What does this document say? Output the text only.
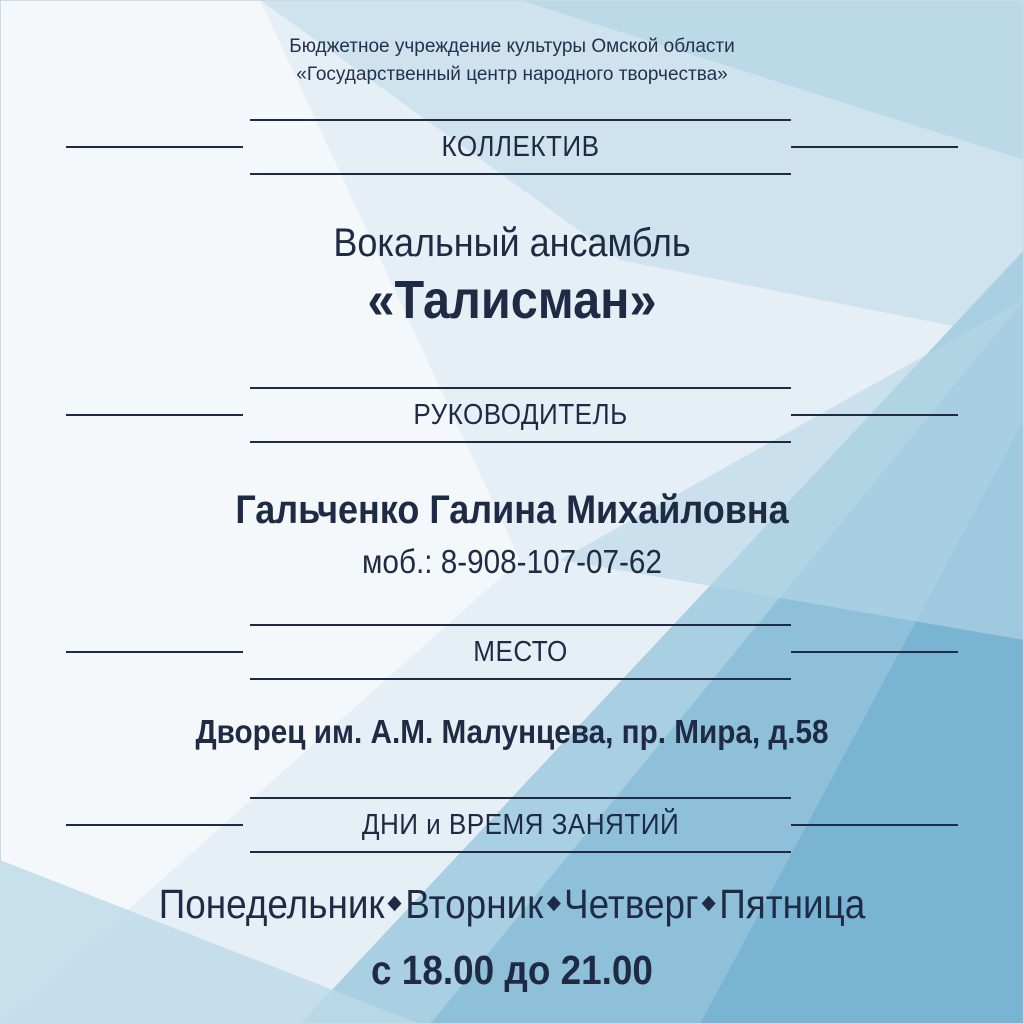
Бюджетное учреждение культуры Омской области
«Государственный центр народного творчества»
КОЛЛЕКТИВ
Вокальный ансамбль
«Талисман»
РУКОВОДИТЕЛЬ
Гальченко Галина Михайловна
моб.: 8-908-107-07-62
МЕСТО
Дворец им. А.М. Малунцева, пр. Мира, д.58
ДНИ и ВРЕМЯ ЗАНЯТИЙ
Понедельник Вторник Четверг Пятница
с 18.00 до 21.00
